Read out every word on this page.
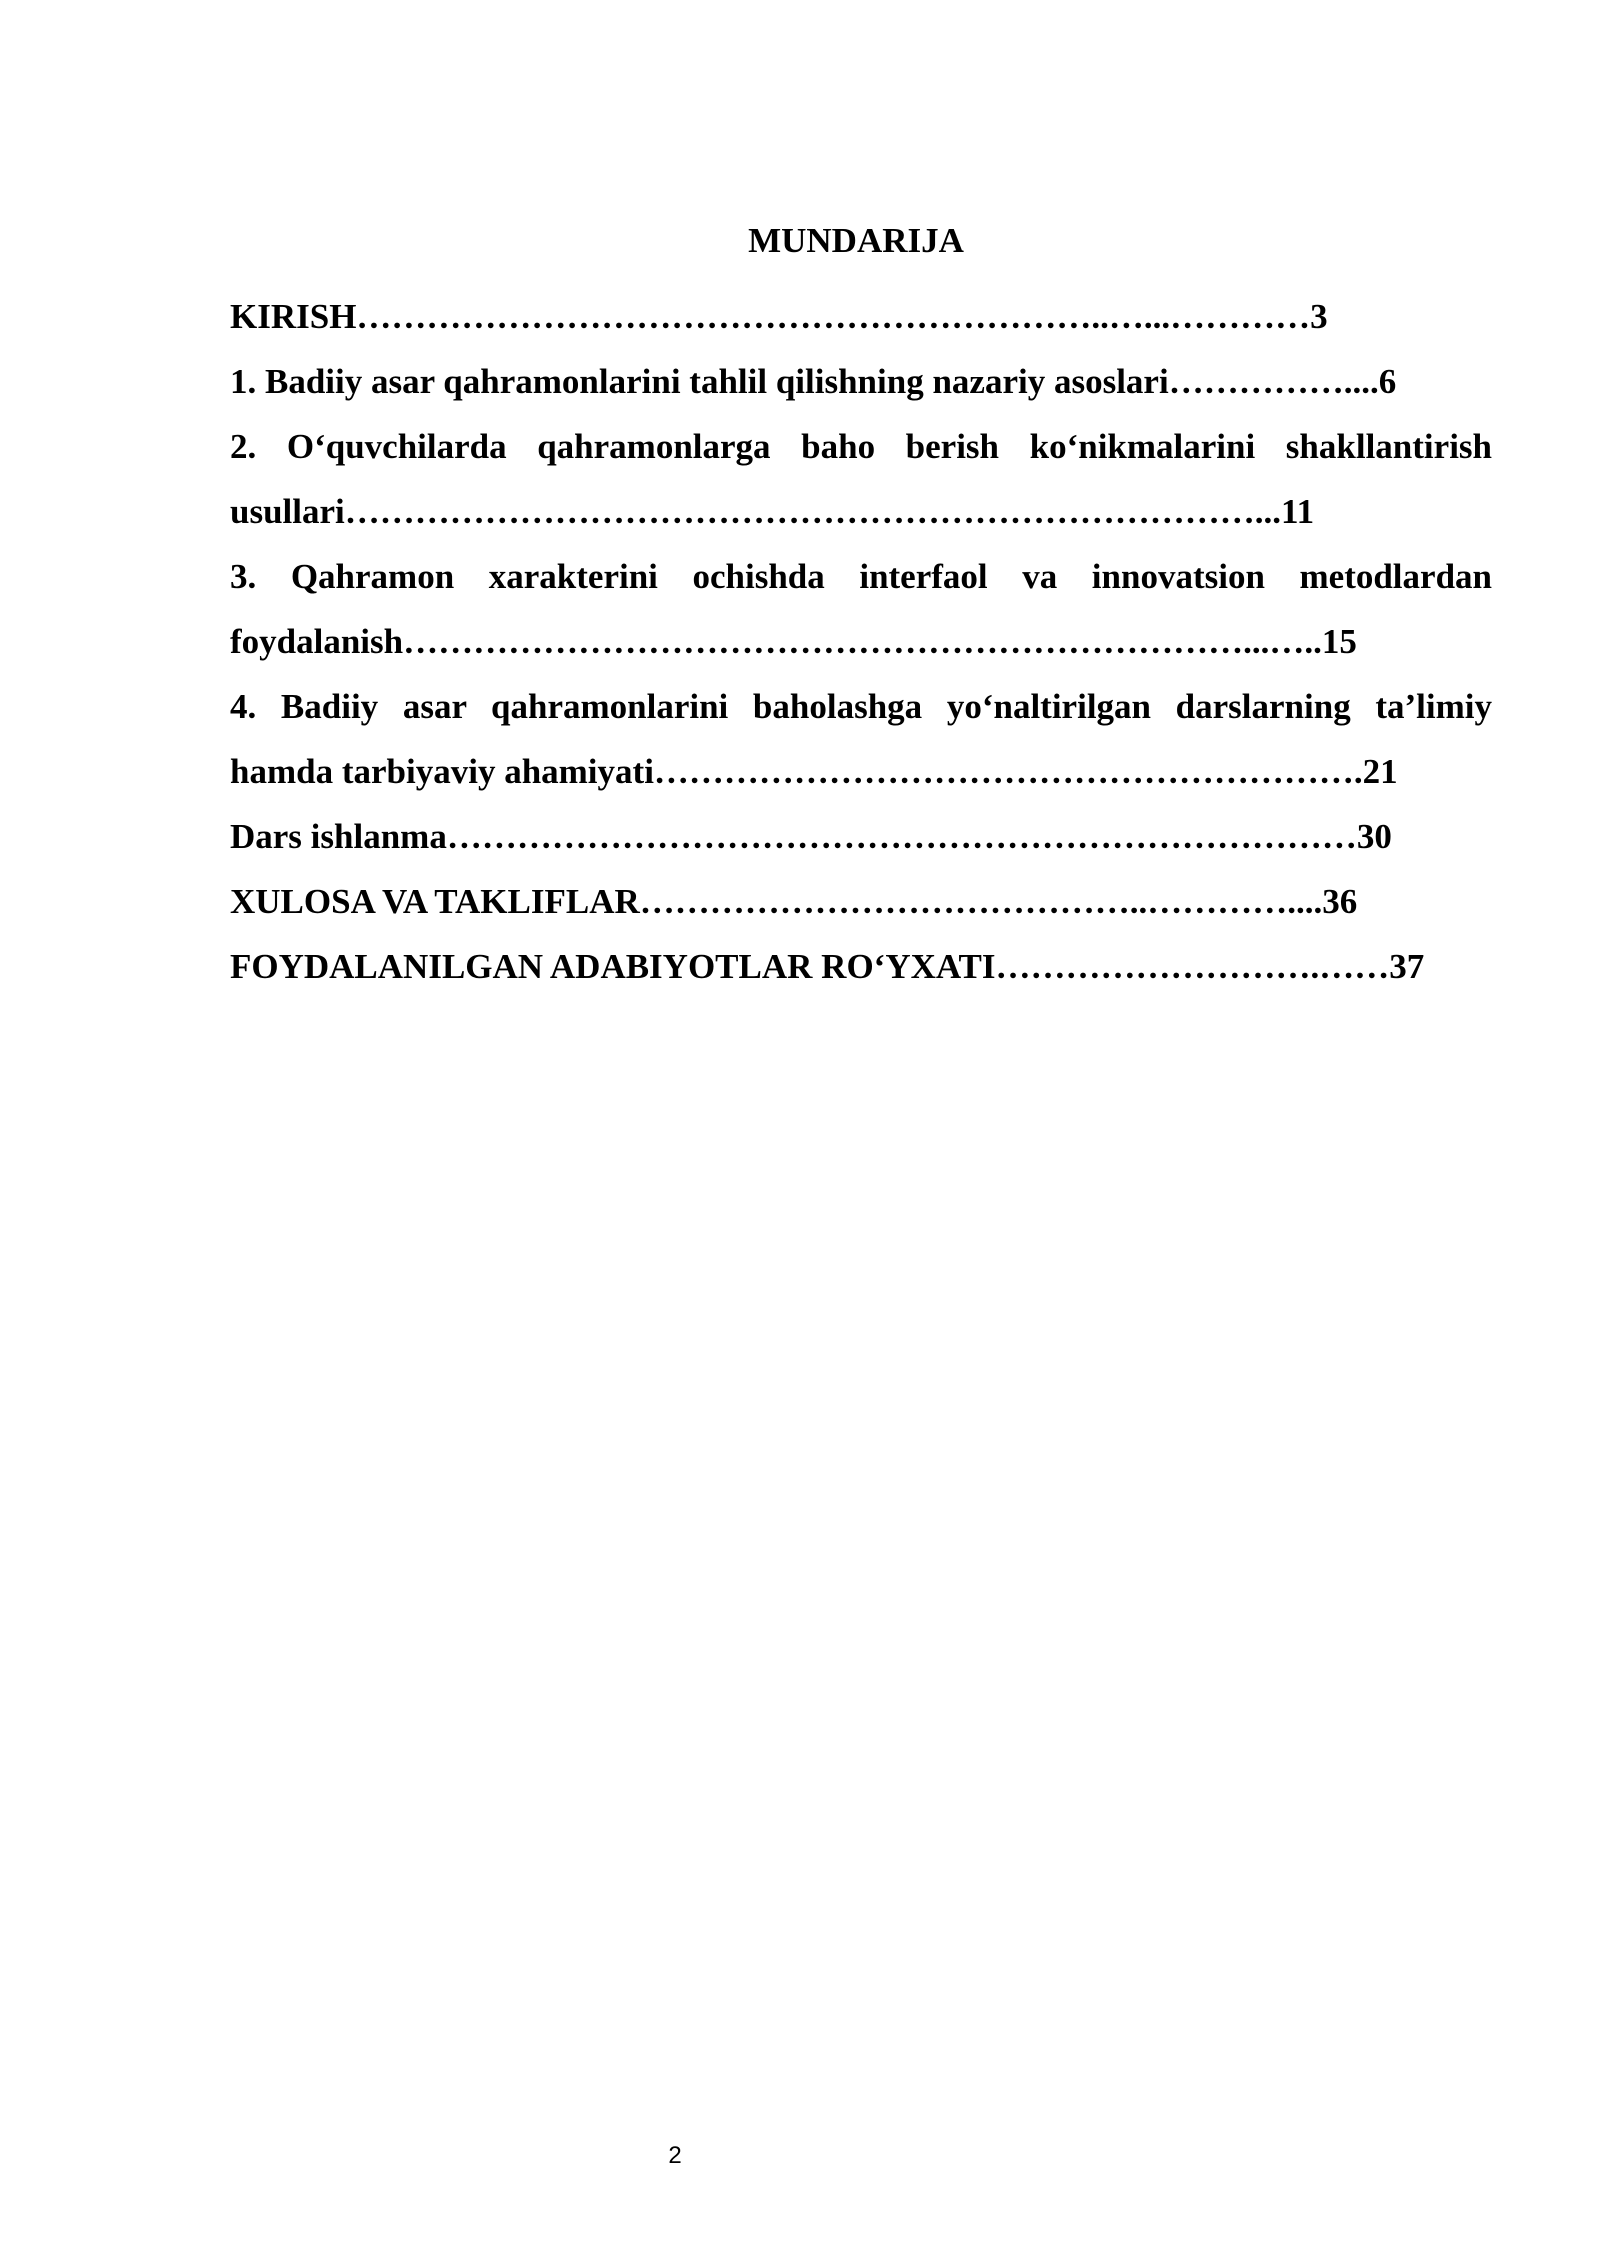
MUNDARIJA

KIRISH………………………………………………………..…...…………3

1. Badiiy asar qahramonlarini tahlil qilishning nazariy asoslari……………....6

2. O‘quvchilarda qahramonlarga baho berish ko‘nikmalarini shakllantirish usullari……………………………………………………………………...11

3. Qahramon xarakterini ochishda interfaol va innovatsion metodlardan foydalanish………………………………………………………………...…..15

4. Badiiy asar qahramonlarini baholashga yo‘naltirilgan darslarning ta’limiy hamda tarbiyaviy ahamiyati…………………………………………………….21

Dars ishlanma……………………………………………………………………30

XULOSA VA TAKLIFLAR……………………………………..…………....36

FOYDALANILGAN ADABIYOTLAR RO‘YXATI……………………….……37

2
